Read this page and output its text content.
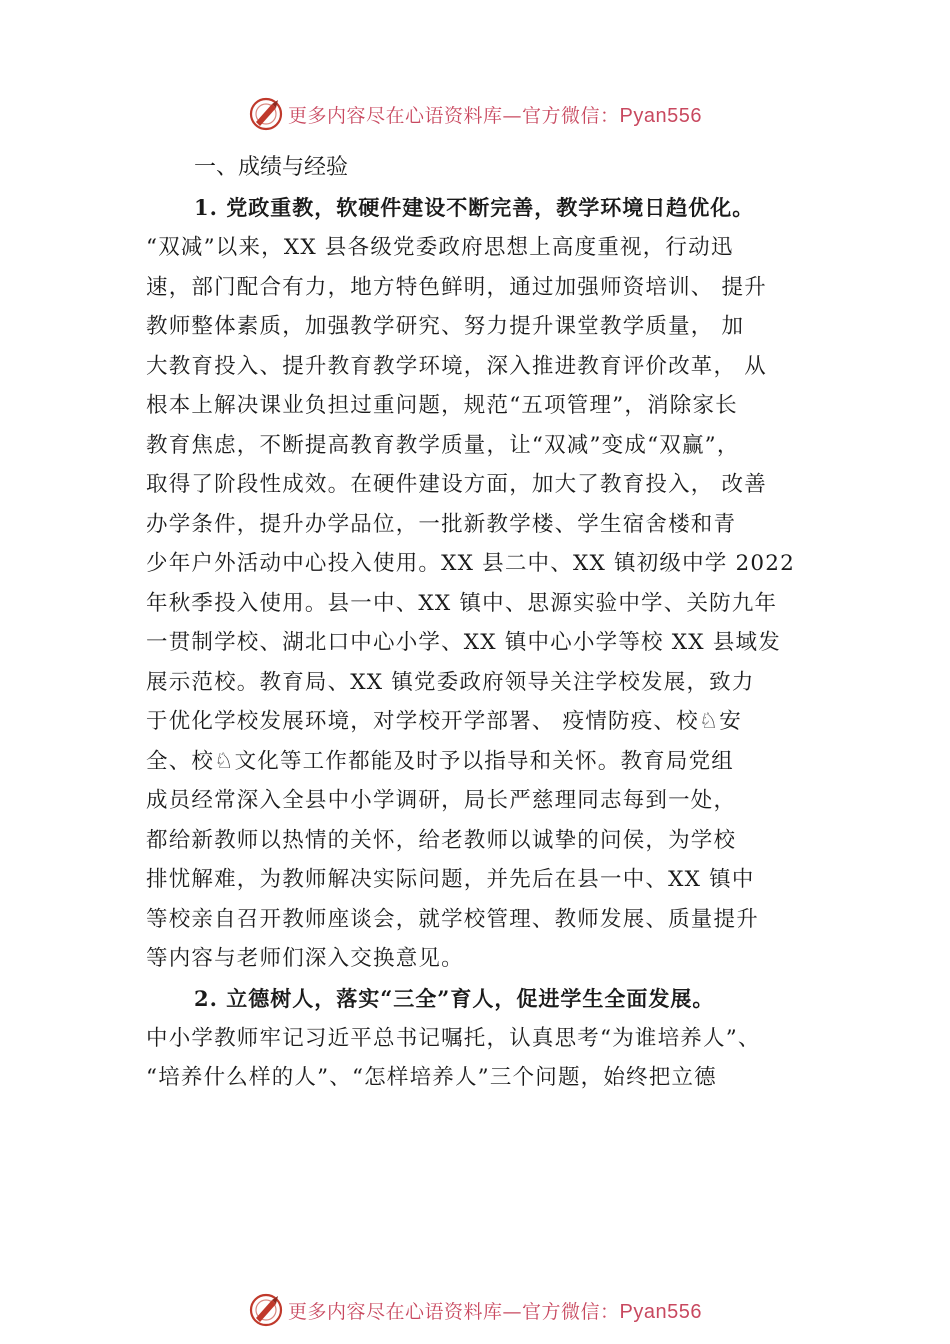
更多内容尽在心语资料库—官方微信：Pyan556
一、成绩与经验
1. 党政重教，软硬件建设不断完善，教学环境日趋优化。
“双减”以来，XX 县各级党委政府思想上高度重视，行动迅
速，部门配合有力，地方特色鲜明，通过加强师资培训、 提升
教师整体素质，加强教学研究、努力提升课堂教学质量， 加
大教育投入、提升教育教学环境，深入推进教育评价改革， 从
根本上解决课业负担过重问题，规范“五项管理”，消除家长
教育焦虑，不断提高教育教学质量，让“双减”变成“双赢”，
取得了阶段性成效。在硬件建设方面，加大了教育投入， 改善
办学条件，提升办学品位，一批新教学楼、学生宿舍楼和青
少年户外活动中心投入使用。XX 县二中、XX 镇初级中学 2022
年秋季投入使用。县一中、XX 镇中、思源实验中学、关防九年
一贯制学校、湖北口中心小学、XX 镇中心小学等校 XX 县域发
展示范校。教育局、XX 镇党委政府领导关注学校发展，致力
于优化学校发展环境，对学校开学部署、 疫情防疫、校♘安
全、校♘文化等工作都能及时予以指导和关怀。教育局党组
成员经常深入全县中小学调研，局长严慈理同志每到一处，
都给新教师以热情的关怀，给老教师以诚挚的问侯，为学校
排忧解难，为教师解决实际问题，并先后在县一中、XX 镇中
等校亲自召开教师座谈会，就学校管理、教师发展、质量提升
等内容与老师们深入交换意见。
2. 立德树人，落实“三全”育人，促进学生全面发展。
中小学教师牢记习近平总书记嘱托，认真思考“为谁培养人”、
“培养什么样的人”、“怎样培养人”三个问题，始终把立德
更多内容尽在心语资料库—官方微信：Pyan556
